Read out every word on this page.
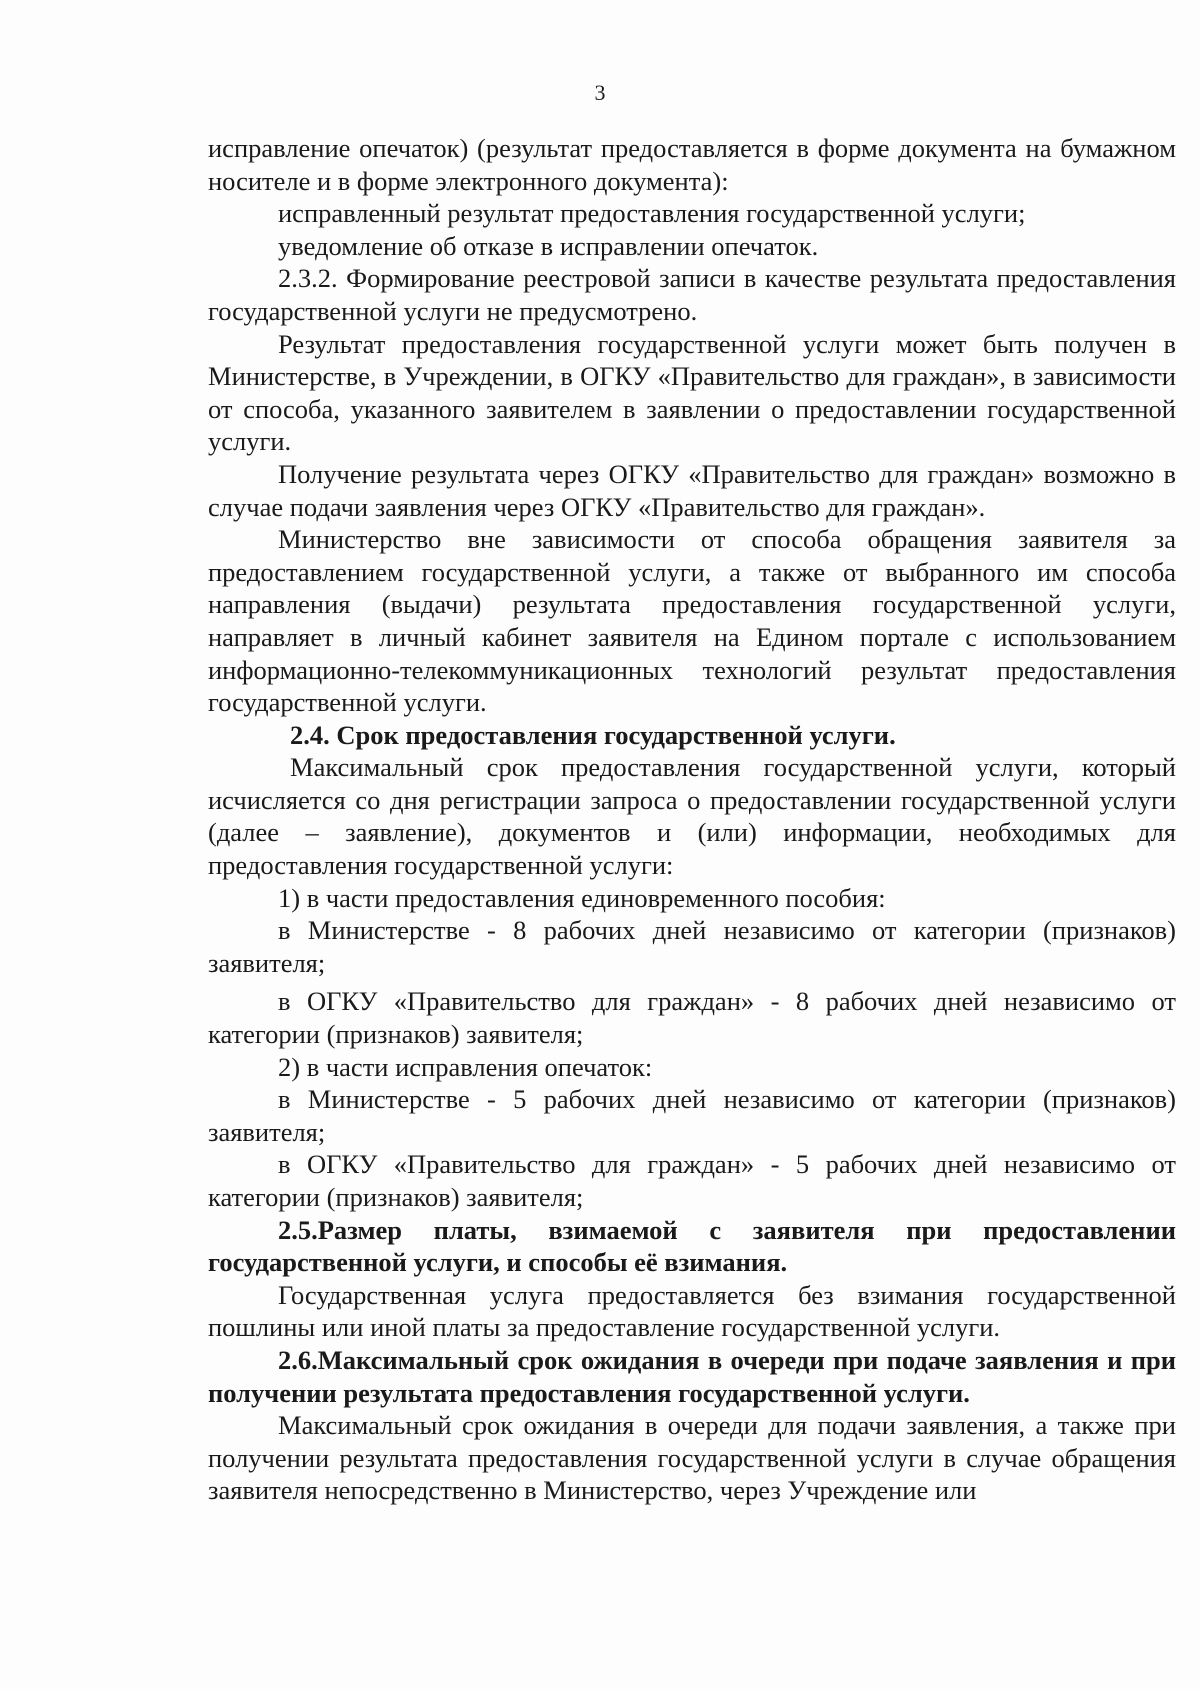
3

исправление опечаток) (результат предоставляется в форме документа на бумажном носителе и в форме электронного документа):

исправленный результат предоставления государственной услуги;

уведомление об отказе в исправлении опечаток.

2.3.2. Формирование реестровой записи в качестве результата предоставления государственной услуги не предусмотрено.

Результат предоставления государственной услуги может быть получен в Министерстве, в Учреждении, в ОГКУ «Правительство для граждан», в зависимости от способа, указанного заявителем в заявлении о предоставлении государственной услуги.

Получение результата через ОГКУ «Правительство для граждан» возможно в случае подачи заявления через ОГКУ «Правительство для граждан».

Министерство вне зависимости от способа обращения заявителя за предоставлением государственной услуги, а также от выбранного им способа направления (выдачи) результата предоставления государственной услуги, направляет в личный кабинет заявителя на Едином портале с использованием информационно-телекоммуникационных технологий результат предоставления государственной услуги.

2.4. Срок предоставления государственной услуги.

Максимальный срок предоставления государственной услуги, который исчисляется со дня регистрации запроса о предоставлении государственной услуги (далее – заявление), документов и (или) информации, необходимых для предоставления государственной услуги:

1) в части предоставления единовременного пособия:

в Министерстве - 8 рабочих дней независимо от категории (признаков) заявителя;

в ОГКУ «Правительство для граждан» - 8 рабочих дней независимо от категории (признаков) заявителя;

2) в части исправления опечаток:

в Министерстве - 5 рабочих дней независимо от категории (признаков) заявителя;

в ОГКУ «Правительство для граждан» - 5 рабочих дней независимо от категории (признаков) заявителя;

2.5.Размер платы, взимаемой с заявителя при предоставлении государственной услуги, и способы её взимания.

Государственная услуга предоставляется без взимания государственной пошлины или иной платы за предоставление государственной услуги.

2.6.Максимальный срок ожидания в очереди при подаче заявления и при получении результата предоставления государственной услуги.

Максимальный срок ожидания в очереди для подачи заявления, а также при получении результата предоставления государственной услуги в случае обращения заявителя непосредственно в Министерство, через Учреждение или
